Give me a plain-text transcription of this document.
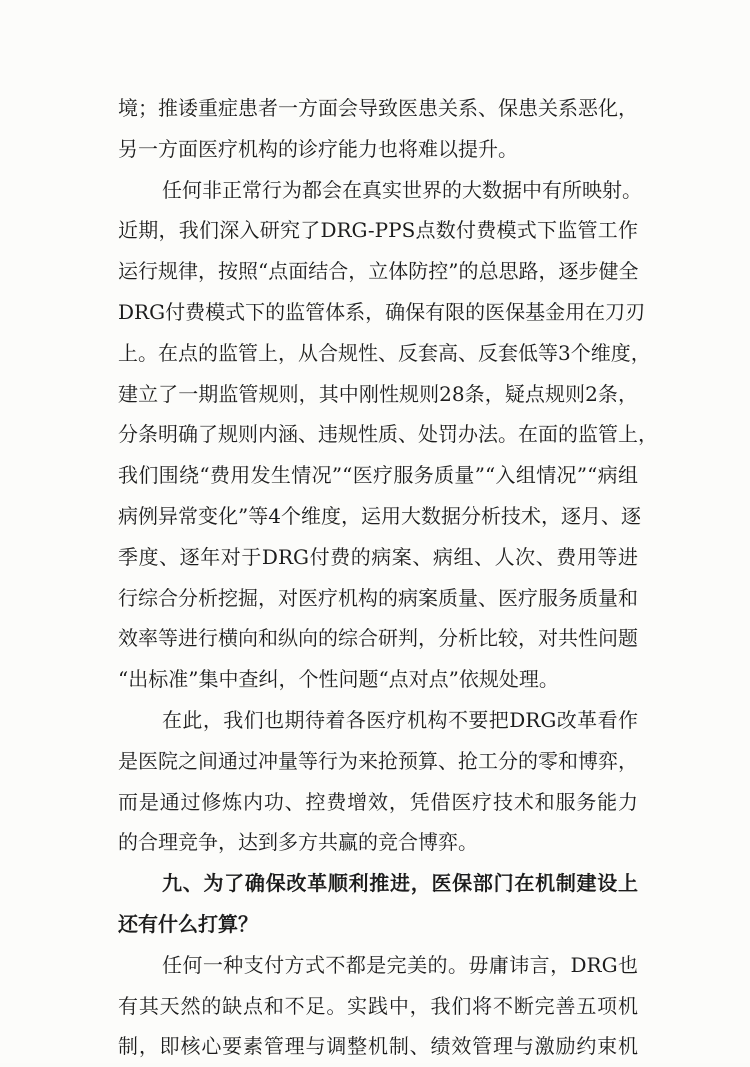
境；推诿重症患者一方面会导致医患关系、保患关系恶化，
另一方面医疗机构的诊疗能力也将难以提升。
任何非正常行为都会在真实世界的大数据中有所映射。
近期，我们深入研究了DRG-PPS点数付费模式下监管工作
运行规律，按照“点面结合，立体防控”的总思路，逐步健全
DRG付费模式下的监管体系，确保有限的医保基金用在刀刃
上。在点的监管上，从合规性、反套高、反套低等3个维度，
建立了一期监管规则，其中刚性规则28条，疑点规则2条，
分条明确了规则内涵、违规性质、处罚办法。在面的监管上，
我们围绕“费用发生情况”“医疗服务质量”“入组情况”“病组
病例异常变化”等4个维度，运用大数据分析技术，逐月、逐
季度、逐年对于DRG付费的病案、病组、人次、费用等进
行综合分析挖掘，对医疗机构的病案质量、医疗服务质量和
效率等进行横向和纵向的综合研判，分析比较，对共性问题
“出标准”集中查纠，个性问题“点对点”依规处理。
在此，我们也期待着各医疗机构不要把DRG改革看作
是医院之间通过冲量等行为来抢预算、抢工分的零和博弈，
而是通过修炼内功、控费增效，凭借医疗技术和服务能力
的合理竞争，达到多方共赢的竞合博弈。
九、为了确保改革顺利推进，医保部门在机制建设上
还有什么打算？
任何一种支付方式不都是完美的。毋庸讳言，DRG也
有其天然的缺点和不足。实践中，我们将不断完善五项机
制，即核心要素管理与调整机制、绩效管理与激励约束机
